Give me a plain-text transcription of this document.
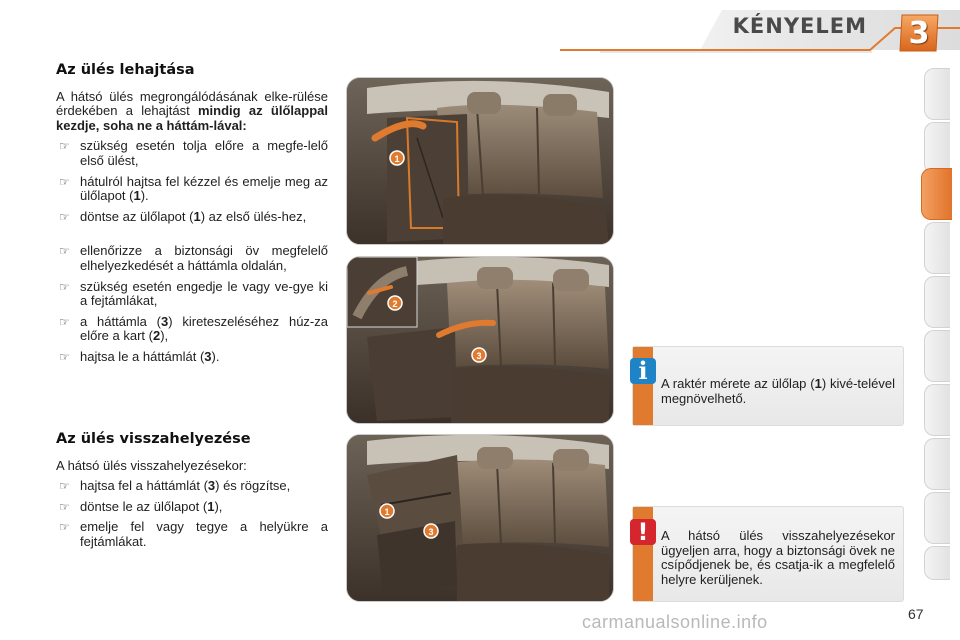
KÉNYELEM	3
Az ülés lehajtása

A hátsó ülés megrongálódásának elke-rülése érdekében a lehajtást mindig az ülőlappal kezdje, soha ne a háttám-lával:

☞ szükség esetén tolja előre a megfe-lelő első ülést,
☞ hátulról hajtsa fel kézzel és emelje meg az ülőlapot (1).
☞ döntse az ülőlapot (1) az első ülés-hez,
☞ ellenőrizze a biztonsági öv megfelelő elhelyezkedését a háttámla oldalán,
☞ szükség esetén engedje le vagy ve-gye ki a fejtámlákat,
☞ a háttámla (3) kireteszeléséhez húz-za előre a kart (2),
☞ hajtsa le a háttámlát (3).
Az ülés visszahelyezése

A hátsó ülés visszahelyezésekor:

☞ hajtsa fel a háttámlát (3) és rögzítse,
☞ döntse le az ülőlapot (1),
☞ emelje fel vagy tegye a helyükre a fejtámlákat.
1
2
3
1
3
i	A raktér mérete az ülőlap (1) kivé-telével megnövelhető.
! A hátsó ülés visszahelyezésekor ügyeljen arra, hogy a biztonsági övek ne csípődjenek be, és csatja-ik a megfelelő helyre kerüljenek.
67
carmanualsonline.info
